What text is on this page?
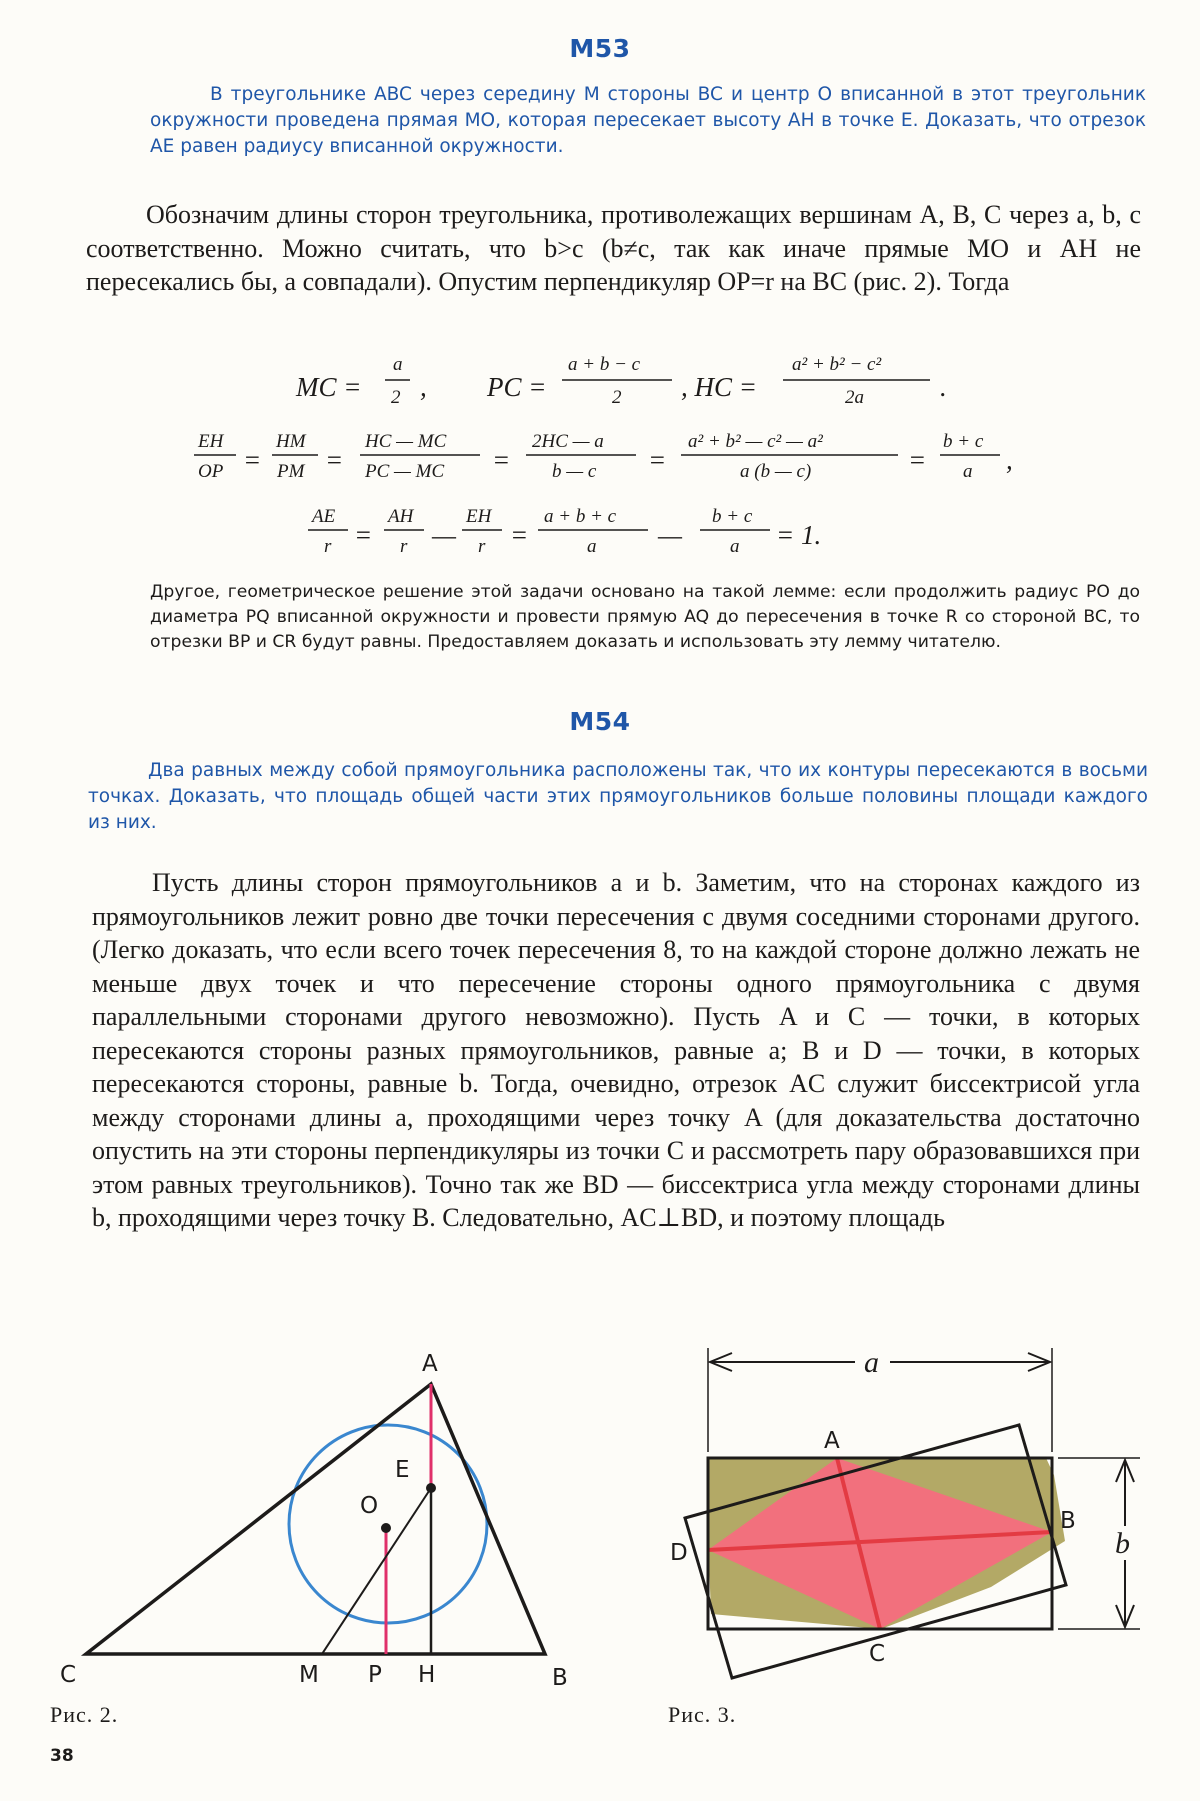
M53
В треугольнике ABC через середину M стороны BC и центр O вписанной в этот треугольник окружности проведена прямая MO, которая пересекает высоту AH в точке E. Доказать, что отрезок AE равен радиусу вписанной окружности.
Обозначим длины сторон треугольника, противолежащих вершинам A, B, C через a, b, c соответственно. Можно считать, что b>c (b≠c, так как иначе прямые MO и AH не пересекались бы, а совпадали). Опустим перпендикуляр OP=r на BC (рис. 2). Тогда
MC =
a
2 , PC =
a + b − c
2 , HC =
a² + b² − c²
2a	.
EH
OP =
HM
PM =
HC — MC
PC — MC =
2HC — a
b — c =
a² + b² — c² — a²
a (b — c)	=
b + c
a ,
AE
r =
AH
r —
EH
r =
a + b + c
a —
b + c
a = 1.
Другое, геометрическое решение этой задачи основано на такой лемме: если продолжить радиус PO до диаметра PQ вписанной окружности и провести прямую AQ до пересечения в точке R со стороной BC, то отрезки BP и CR будут равны. Предоставляем доказать и использовать эту лемму читателю.
M54
Два равных между собой прямоугольника расположены так, что их контуры пересекаются в восьми точках. Доказать, что площадь общей части этих прямоугольников больше половины площади каждого из них.
Пусть длины сторон прямоугольников a и b. Заметим, что на сторонах каждого из прямоугольников лежит ровно две точки пересечения с двумя соседними сторонами другого. (Легко доказать, что если всего точек пересечения 8, то на каждой стороне должно лежать не меньше двух точек и что пересечение стороны одного прямоугольника с двумя параллельными сторонами другого невозможно). Пусть A и C — точки, в которых пересекаются стороны разных прямоугольников, равные a; B и D — точки, в которых пересекаются стороны, равные b. Тогда, очевидно, отрезок AC служит биссектрисой угла между сторонами длины a, проходящими через точку A (для доказательства достаточно опустить на эти стороны перпендикуляры из точки C и рассмотреть пару образовавшихся при этом равных треугольников). Точно так же BD — биссектриса угла между сторонами длины b, проходящими через точку B. Следовательно, AC⊥BD, и поэтому площадь
A
E
O
C	M P H	B
Рис. 2.
a
b
A
B
C
D
Рис. 3.
38
